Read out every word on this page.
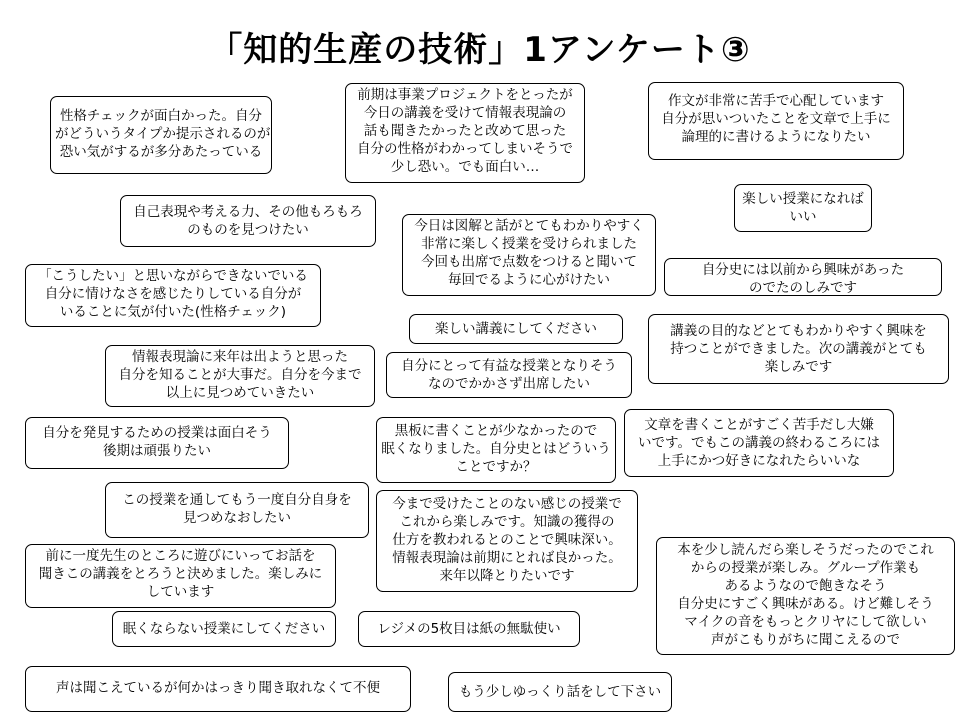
「知的生産の技術」1アンケート③
性格チェックが面白かった。自分
がどういうタイプか提示されるのが
恐い気がするが多分あたっている
前期は事業プロジェクトをとったが
今日の講義を受けて情報表現論の
話も聞きたかったと改めて思った
自分の性格がわかってしまいそうで
少し恐い。でも面白い…
作文が非常に苦手で心配しています
自分が思いついたことを文章で上手に
論理的に書けるようになりたい
自己表現や考える力、その他もろもろ
のものを見つけたい
楽しい授業になれば
いい
今日は図解と話がとてもわかりやすく
非常に楽しく授業を受けられました
今回も出席で点数をつけると聞いて
毎回でるように心がけたい
「こうしたい」と思いながらできないでいる
自分に情けなさを感じたりしている自分が
いることに気が付いた(性格チェック)
自分史には以前から興味があった
のでたのしみです
楽しい講義にしてください	講義の目的などとてもわかりやすく興味を
持つことができました。次の講義がとても
楽しみです
情報表現論に来年は出ようと思った
自分を知ることが大事だ。自分を今まで
以上に見つめていきたい
自分にとって有益な授業となりそう
なのでかかさず出席したい
文章を書くことがすごく苦手だし大嫌
いです。でもこの講義の終わるころには
上手にかつ好きになれたらいいな
自分を発見するための授業は面白そう
後期は頑張りたい
黒板に書くことが少なかったので
眠くなりました。自分史とはどういう
ことですか？
この授業を通してもう一度自分自身を
見つめなおしたい
今まで受けたことのない感じの授業で
これから楽しみです。知識の獲得の
仕方を教われるとのことで興味深い。
情報表現論は前期にとれば良かった。
来年以降とりたいです
本を少し読んだら楽しそうだったのでこれ
からの授業が楽しみ。グループ作業も
あるようなので飽きなそう
自分史にすごく興味がある。けど難しそう
マイクの音をもっとクリヤにして欲しい
声がこもりがちに聞こえるので
前に一度先生のところに遊びにいってお話を
聞きこの講義をとろうと決めました。楽しみに
しています
眠くならない授業にしてください	レジメの5枚目は紙の無駄使い
声は聞こえているが何かはっきり聞き取れなくて不便	もう少しゆっくり話をして下さい
